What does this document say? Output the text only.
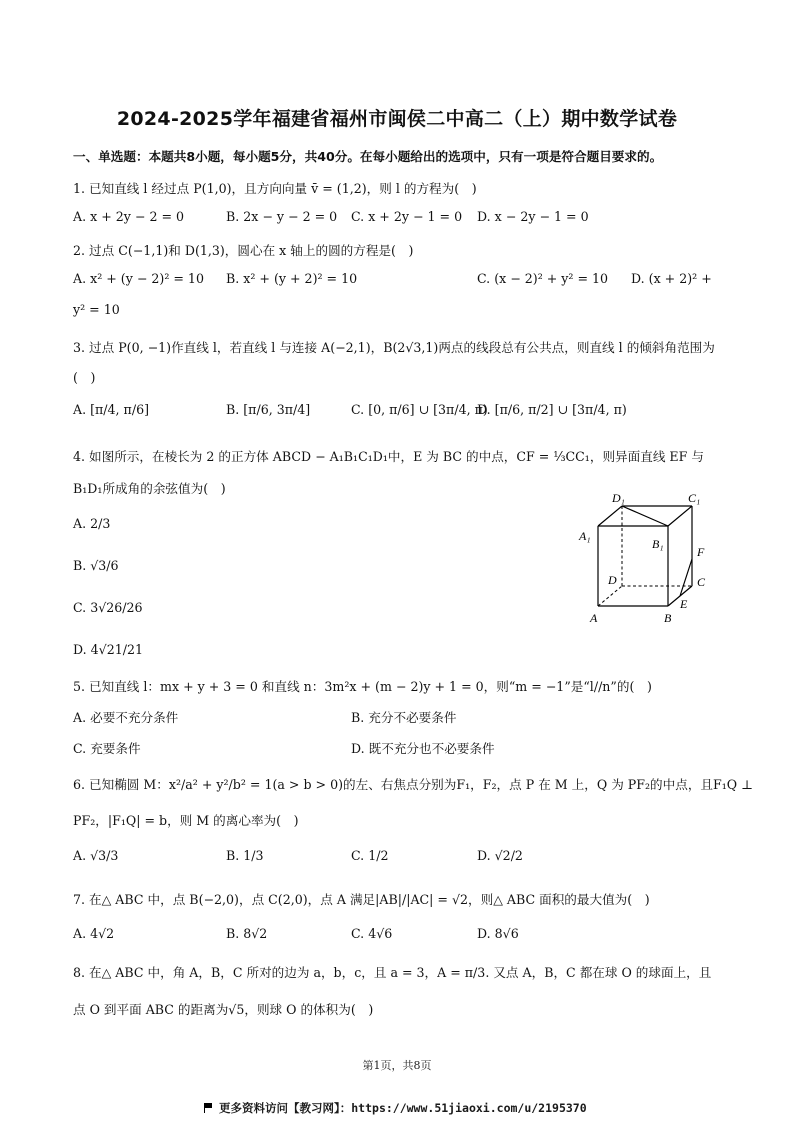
2024-2025学年福建省福州市闽侯二中高二（上）期中数学试卷
一、单选题：本题共8小题，每小题5分，共40分。在每小题给出的选项中，只有一项是符合题目要求的。
1. 已知直线 l 经过点 P(1,0)，且方向向量 v̄ = (1,2)，则 l 的方程为(　)
A. x + 2y − 2 = 0	B. 2x − y − 2 = 0 C. x + 2y − 1 = 0 D. x − 2y − 1 = 0
2. 过点 C(−1,1)和 D(1,3)，圆心在 x 轴上的圆的方程是(　)
A. x² + (y − 2)² = 10 B. x² + (y + 2)² = 10	C. (x − 2)² + y² = 10 D. (x + 2)² +
y² = 10
3. 过点 P(0, −1)作直线 l，若直线 l 与连接 A(−2,1)，B(2√3,1)两点的线段总有公共点，则直线 l 的倾斜角范围为(　)
A. [π/4, π/6]	B. [π/6, 3π/4]	C. [0, π/6] ∪ [3π/4, π)
D. [π/6, π/2] ∪ [3π/4, π)
4. 如图所示，在棱长为 2 的正方体 ABCD − A₁B₁C₁D₁中，E 为 BC 的中点，CF = ⅓CC₁，则异面直线 EF 与
B₁D₁所成角的余弦值为(　)
A. 2/3
B. √3/6
C. 3√26/26
D. 4√21/21
D₁	C₁
A₁
B₁
F
D	C
E
A	B
5. 已知直线 l：mx + y + 3 = 0 和直线 n：3m²x + (m − 2)y + 1 = 0，则“m = −1”是“l//n”的(　)
A. 必要不充分条件	B. 充分不必要条件
C. 充要条件	D. 既不充分也不必要条件
6. 已知椭圆 M：x²/a² + y²/b² = 1(a > b > 0)的左、右焦点分别为F₁，F₂，点 P 在 M 上，Q 为 PF₂的中点，且F₁Q ⊥
PF₂，|F₁Q| = b，则 M 的离心率为(　)
A. √3/3	B. 1/3	C. 1/2	D. √2/2
7. 在△ ABC 中，点 B(−2,0)，点 C(2,0)，点 A 满足|AB|/|AC| = √2，则△ ABC 面积的最大值为(　)
A. 4√2	B. 8√2	C. 4√6	D. 8√6
8. 在△ ABC 中，角 A，B，C 所对的边为 a，b，c，且 a = 3，A = π/3. 又点 A，B，C 都在球 O 的球面上，且
点 O 到平面 ABC 的距离为√5，则球 O 的体积为(　)
第1页，共8页
更多资料访问【教习网】：https://www.51jiaoxi.com/u/2195370
